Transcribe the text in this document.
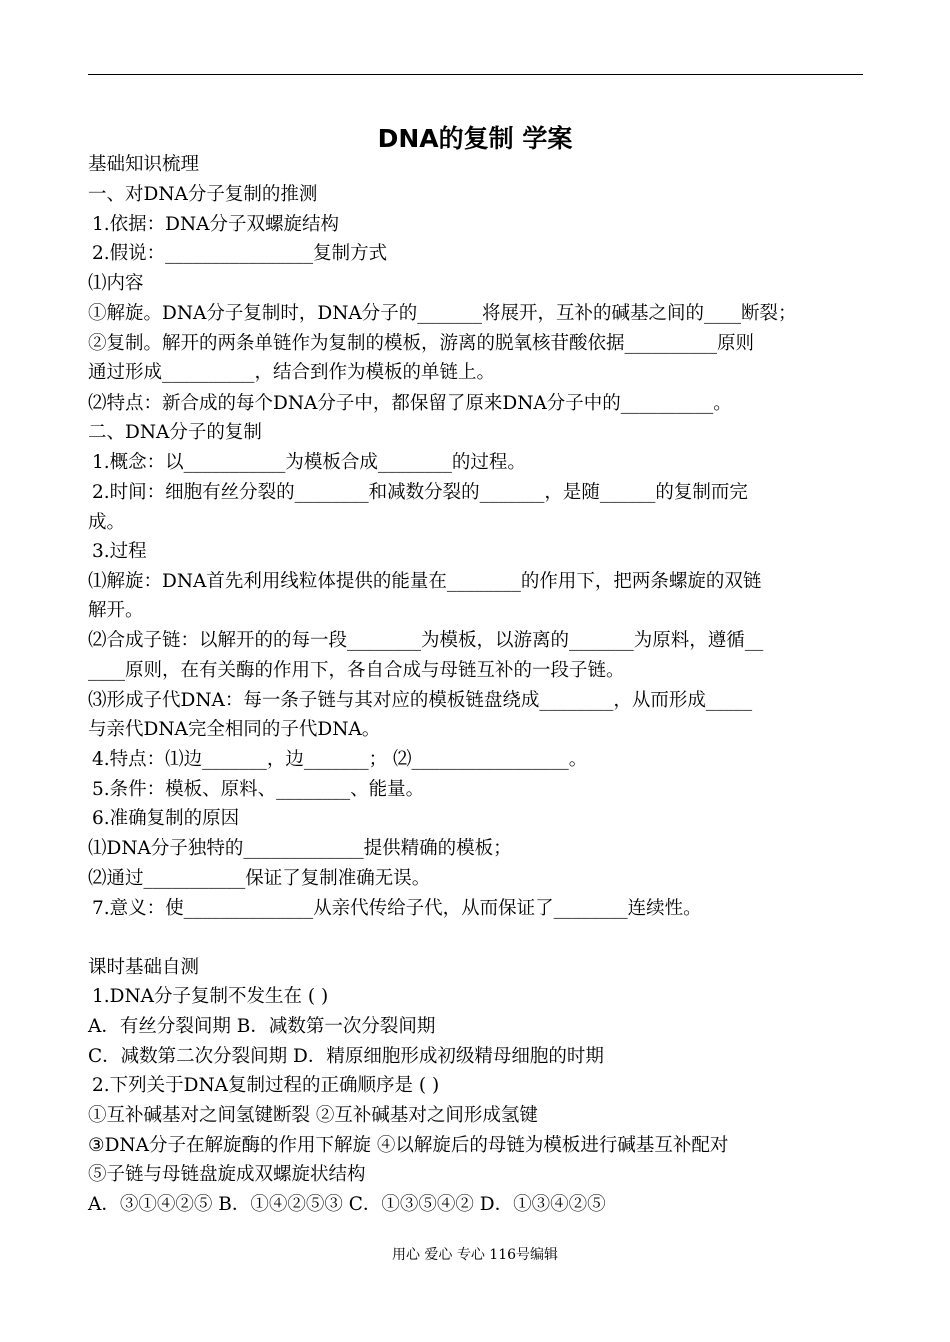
DNA的复制 学案
基础知识梳理
一、对DNA分子复制的推测
1.依据：DNA分子双螺旋结构
2.假说：________________复制方式
⑴内容
①解旋。DNA分子复制时，DNA分子的_______将展开，互补的碱基之间的____断裂；
②复制。解开的两条单链作为复制的模板，游离的脱氧核苷酸依据__________原则
通过形成__________，结合到作为模板的单链上。
⑵特点：新合成的每个DNA分子中，都保留了原来DNA分子中的__________。
二、DNA分子的复制
1.概念：以___________为模板合成________的过程。
2.时间：细胞有丝分裂的________和减数分裂的_______，是随______的复制而完
成。
3.过程
⑴解旋：DNA首先利用线粒体提供的能量在________的作用下，把两条螺旋的双链
解开。
⑵合成子链：以解开的的每一段________为模板，以游离的_______为原料，遵循__
____原则，在有关酶的作用下，各自合成与母链互补的一段子链。
⑶形成子代DNA：每一条子链与其对应的模板链盘绕成________，从而形成_____
与亲代DNA完全相同的子代DNA。
4.特点：⑴边_______，边_______； ⑵_________________。
5.条件：模板、原料、________、能量。
6.准确复制的原因
⑴DNA分子独特的_____________提供精确的模板；
⑵通过___________保证了复制准确无误。
7.意义：使______________从亲代传给子代，从而保证了________连续性。
课时基础自测
1.DNA分子复制不发生在 ( )
A．有丝分裂间期 B．减数第一次分裂间期
C．减数第二次分裂间期 D．精原细胞形成初级精母细胞的时期
2.下列关于DNA复制过程的正确顺序是 ( )
①互补碱基对之间氢键断裂 ②互补碱基对之间形成氢键
③DNA分子在解旋酶的作用下解旋 ④以解旋后的母链为模板进行碱基互补配对
⑤子链与母链盘旋成双螺旋状结构
A．③①④②⑤ B．①④②⑤③ C．①③⑤④② D．①③④②⑤
用心 爱心 专心 116号编辑
